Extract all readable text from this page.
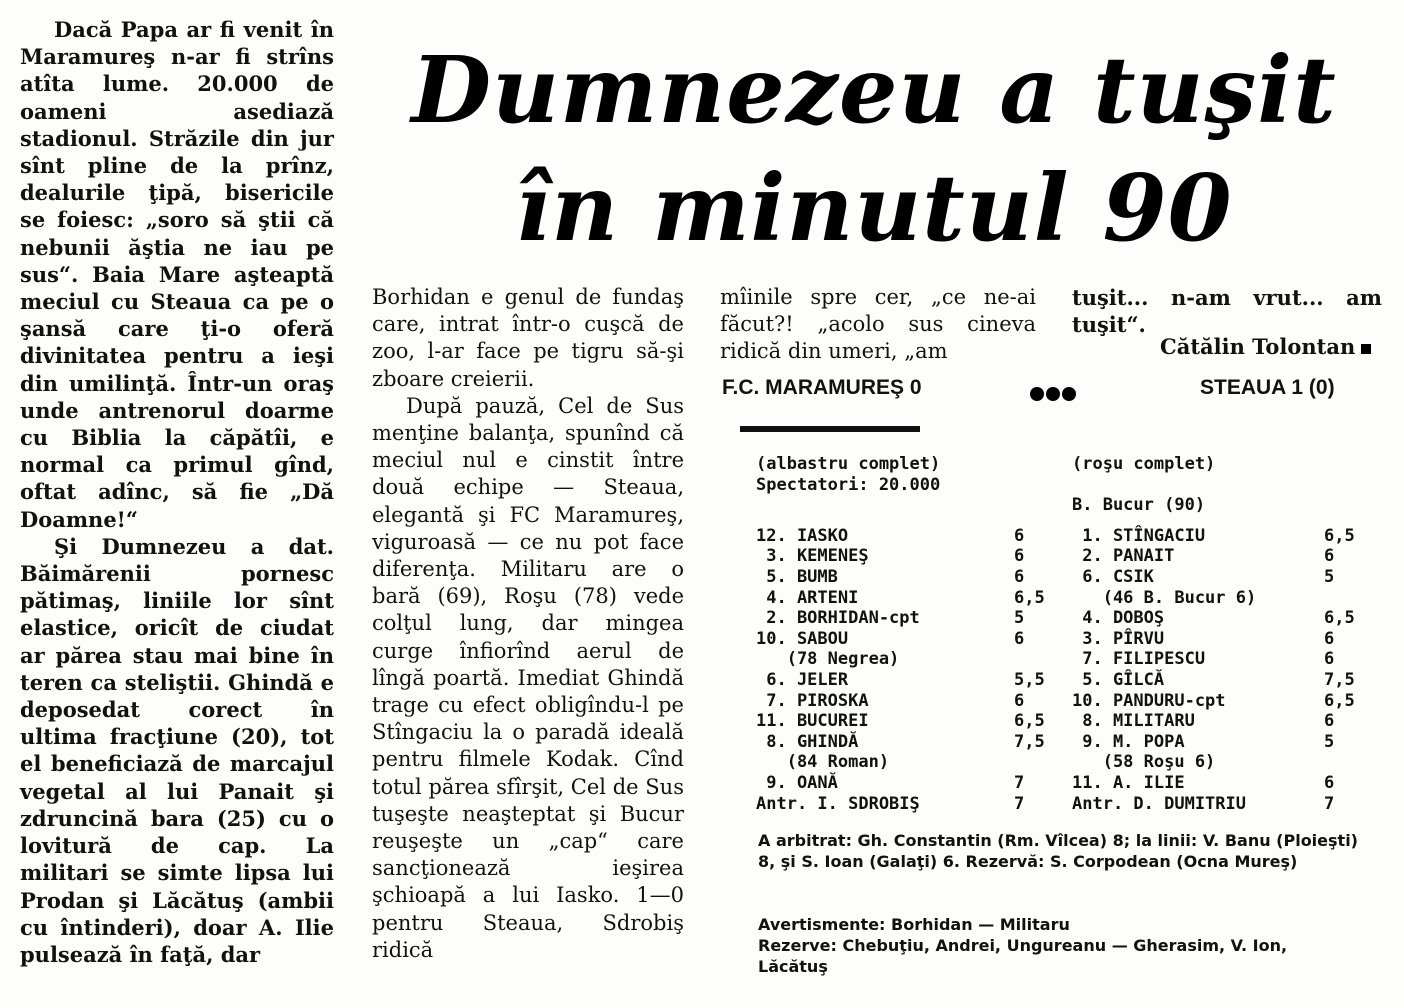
Dacă Papa ar fi venit în Maramureş n-ar fi strîns atîta lume. 20.000 de oameni asediază stadionul. Străzile din jur sînt pline de la prînz, dealurile ţipă, bisericile se foiesc: „soro să ştii că nebunii ăştia ne iau pe sus“. Baia Mare aşteaptă meciul cu Steaua ca pe o şansă care ţi-o oferă divinitatea pentru a ieşi din umilinţă. Într-un oraş unde antrenorul doarme cu Biblia la căpătîi, e normal ca primul gînd, oftat adînc, să fie „Dă Doamne!“

Şi Dumnezeu a dat. Băimărenii pornesc pătimaş, liniile lor sînt elastice, oricît de ciudat ar părea stau mai bine în teren ca steliştii. Ghindă e deposedat corect în ultima fracţiune (20), tot el beneficiază de marcajul vegetal al lui Panait şi zdruncină bara (25) cu o lovitură de cap. La militari se simte lipsa lui Prodan şi Lăcătuş (ambii cu întinderi), doar A. Ilie pulsează în faţă, dar

Dumnezeu a tuşit
în minutul 90

Borhidan e genul de fundaş care, intrat într-o cuşcă de zoo, l-ar face pe tigru să-şi zboare creierii.

După pauză, Cel de Sus menţine balanţa, spunînd că meciul nul e cinstit între două echipe — Steaua, elegantă şi FC Maramureş, viguroasă — ce nu pot face diferenţa. Militaru are o bară (69), Roşu (78) vede colţul lung, dar mingea curge înfiorînd aerul de lîngă poartă. Imediat Ghindă trage cu efect obligîndu-l pe Stîngaciu la o paradă ideală pentru filmele Kodak. Cînd totul părea sfîrşit, Cel de Sus tuşeşte neaşteptat şi Bucur reuşeşte un „cap“ care sancţionează ieşirea şchioapă a lui Iasko. 1—0 pentru Steaua, Sdrobiş ridică

mîinile spre cer, „ce ne-ai făcut?! „acolo sus cineva ridică din umeri, „am

tuşit... n-am vrut... am tuşit“.

Cătălin Tolontan
F.C. MARAMUREŞ 0	STEAUA 1 (0)
(albastru complet)
Spectatori: 20.000
12. IASKO	6
3. KEMENEŞ	6
5. BUMB	6
4. ARTENI	6,5
2. BORHIDAN-cpt	5
10. SABOU	6
(78 Negrea)
6. JELER	5,5
7. PIROSKA	6
11. BUCUREI	6,5
8. GHINDĂ	7,5
(84 Roman)
9. OANĂ	7
Antr. I. SDROBIŞ	7
(roşu complet)
B. Bucur (90)
1. STÎNGACIU	6,5
2. PANAIT	6
6. CSIK	5
(46 B. Bucur 6)
4. DOBOŞ	6,5
3. PÎRVU	6
7. FILIPESCU	6
5. GÎLCĂ	7,5
10. PANDURU-cpt	6,5
8. MILITARU	6
9. M. POPA	5
(58 Roşu 6)
11. A. ILIE	6
Antr. D. DUMITRIU	7
A arbitrat: Gh. Constantin (Rm. Vîlcea) 8; la linii: V. Banu (Ploieşti) 8, şi S. Ioan (Galaţi) 6. Rezervă: S. Corpodean (Ocna Mureş)
Avertismente: Borhidan — Militaru
Rezerve: Chebuţiu, Andrei, Ungureanu — Gherasim, V. Ion, Lăcătuş
